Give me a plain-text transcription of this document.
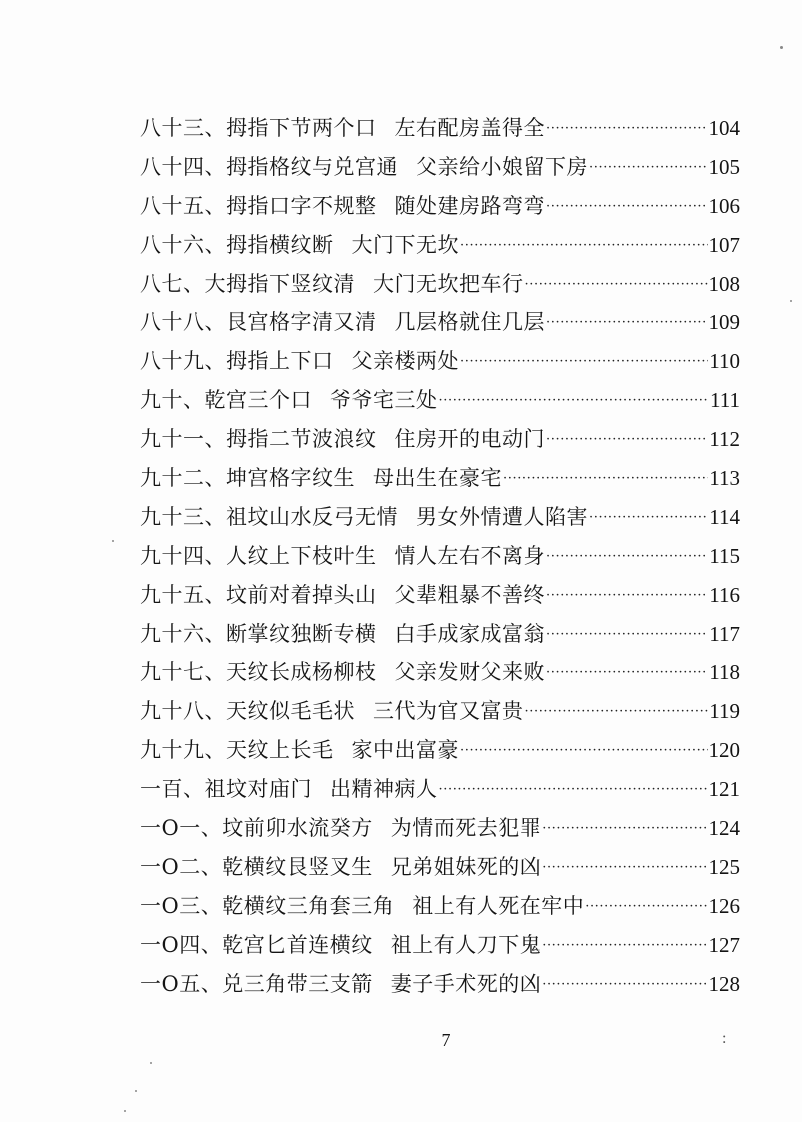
八十三、 拇指下节两个口 左右配房盖得全 ·····	104
八十四、 拇指格纹与兑宫通 父亲给小娘留下房 ·····	105
八十五、 拇指口字不规整 随处建房路弯弯 ·····	106
八十六、 拇指横纹断 大门下无坎 ·····	107
八七、 大拇指下竖纹清 大门无坎把车行 ·····	108
八十八、 艮宫格字清又清 几层格就住几层 ·····	109
八十九、 拇指上下口 父亲楼两处 ·····	110
九十、 乾宫三个口 爷爷宅三处 ·····	111
九十一、 拇指二节波浪纹 住房开的电动门 ·····	112
九十二、 坤宫格字纹生 母出生在豪宅 ·····	113
九十三、 祖坟山水反弓无情 男女外情遭人陷害 ·····	114
九十四、 人纹上下枝叶生 情人左右不离身 ·····	115
九十五、 坟前对着掉头山 父辈粗暴不善终 ·····	116
九十六、 断掌纹独断专横 白手成家成富翁 ·····	117
九十七、 天纹长成杨柳枝 父亲发财父来败 ·····	118
九十八、 天纹似毛毛状 三代为官又富贵 ·····	119
九十九、 天纹上长毛 家中出富豪 ·····	120
一百、 祖坟对庙门 出精神病人 ·····	121
一O一、 坟前卯水流癸方 为情而死去犯罪 ·····	124
一O二、 乾横纹艮竖叉生 兄弟姐妹死的凶 ·····	125
一O三、 乾横纹三角套三角 祖上有人死在牢中 ·····	126
一O四、 乾宫匕首连横纹 祖上有人刀下鬼 ·····	127
一O五、 兑三角带三支箭 妻子手术死的凶 ·····	128
7	:
